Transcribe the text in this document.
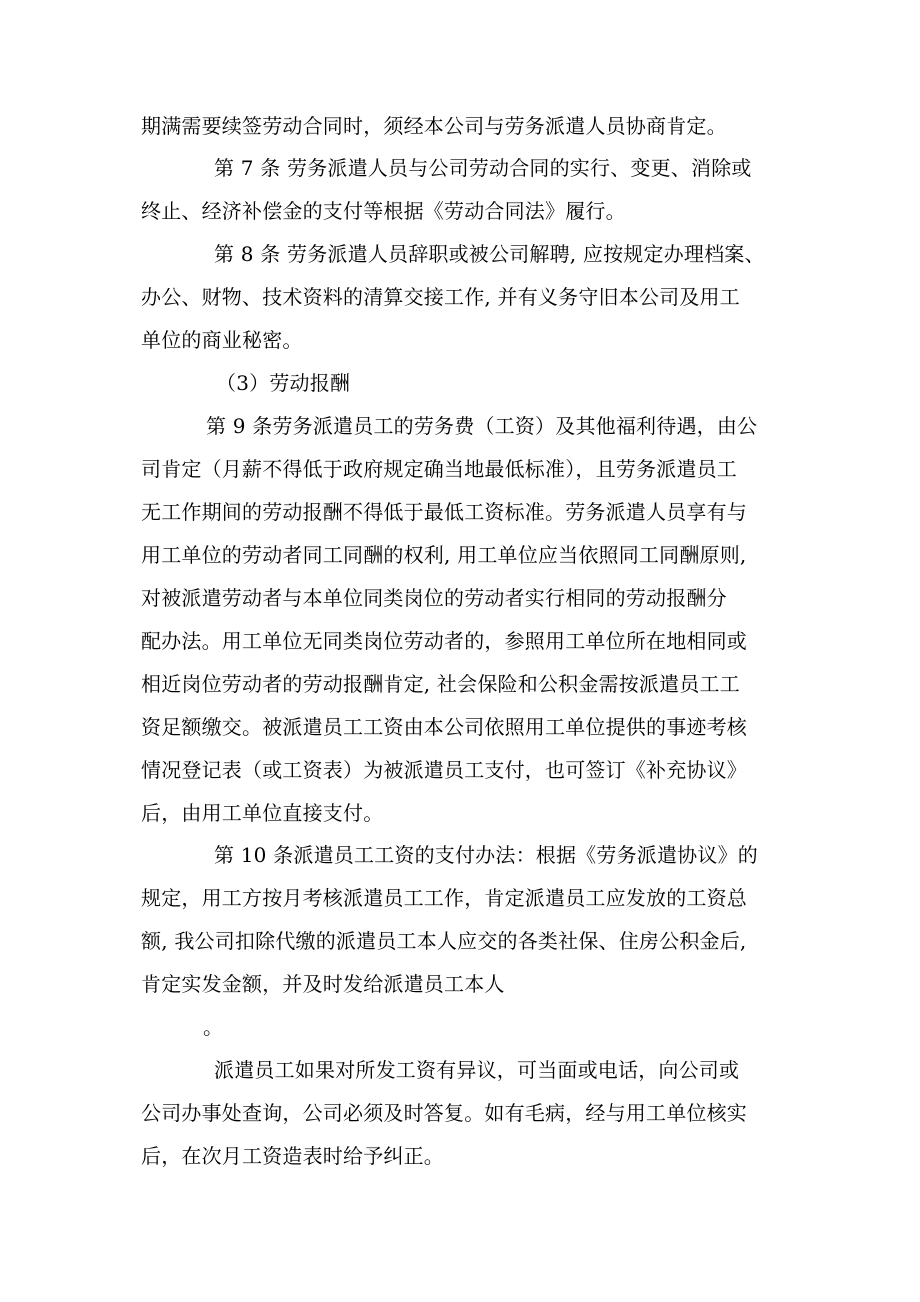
期满需要续签劳动合同时，须经本公司与劳务派遣人员协商肯定。
第 7 条 劳务派遣人员与公司劳动合同的实行、变更、消除或
终止、经济补偿金的支付等根据《劳动合同法》履行。
第 8 条 劳务派遣人员辞职或被公司解聘, 应按规定办理档案、
办公、财物、技术资料的清算交接工作, 并有义务守旧本公司及用工
单位的商业秘密。
（3）劳动报酬
第 9 条劳务派遣员工的劳务费（工资）及其他福利待遇，由公
司肯定（月薪不得低于政府规定确当地最低标准），且劳务派遣员工
无工作期间的劳动报酬不得低于最低工资标准。劳务派遣人员享有与
用工单位的劳动者同工同酬的权利, 用工单位应当依照同工同酬原则,
对被派遣劳动者与本单位同类岗位的劳动者实行相同的劳动报酬分
配办法。用工单位无同类岗位劳动者的，参照用工单位所在地相同或
相近岗位劳动者的劳动报酬肯定, 社会保险和公积金需按派遣员工工
资足额缴交。被派遣员工工资由本公司依照用工单位提供的事迹考核
情况登记表（或工资表）为被派遣员工支付，也可签订《补充协议》
后，由用工单位直接支付。
第 10 条派遣员工工资的支付办法：根据《劳务派遣协议》的
规定，用工方按月考核派遣员工工作，肯定派遣员工应发放的工资总
额, 我公司扣除代缴的派遣员工本人应交的各类社保、住房公积金后,
肯定实发金额，并及时发给派遣员工本人
。
派遣员工如果对所发工资有异议，可当面或电话，向公司或
公司办事处查询，公司必须及时答复。如有毛病，经与用工单位核实
后，在次月工资造表时给予纠正。
